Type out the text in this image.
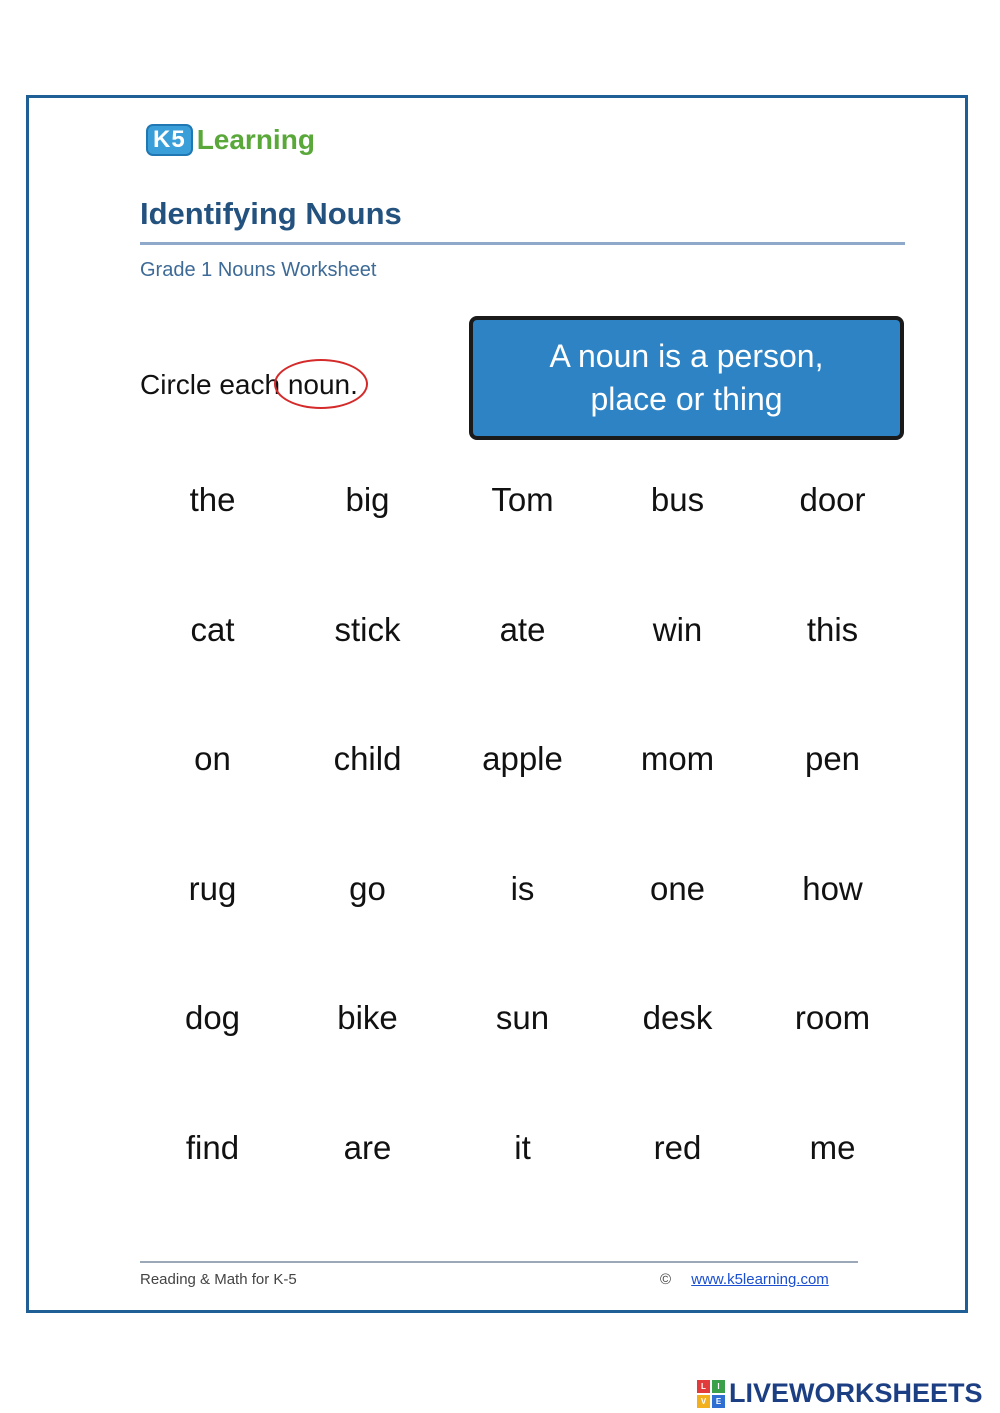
K5 Learning
Identifying Nouns
Grade 1 Nouns Worksheet
Circle each noun.
A noun is a person,
place or thing
the	big	Tom	bus	door
cat	stick	ate	win	this
on	child	apple	mom	pen
rug	go	is	one	how
dog	bike	sun	desk	room
find	are	it	red	me
Reading & Math for K-5	© www.k5learning.com
L	I
V	E LIVEWORKSHEETS
